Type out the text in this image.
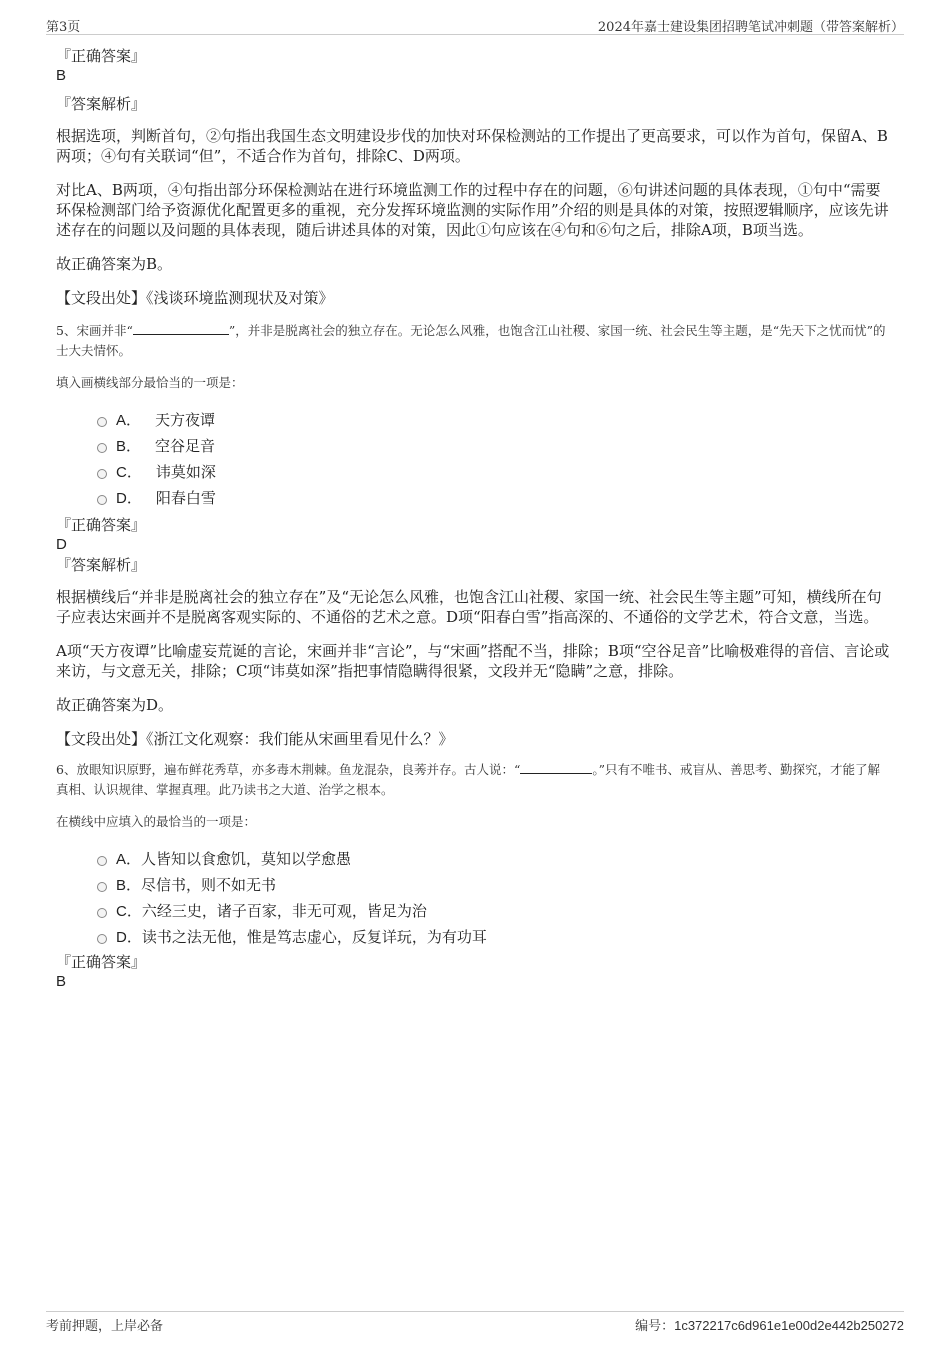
第3页	2024年嘉士建设集团招聘笔试冲刺题（带答案解析）

『正确答案』

B

『答案解析』

根据选项，判断首句，②句指出我国生态文明建设步伐的加快对环保检测站的工作提出了更高要求，可以作为首句，保留A、B两项；④句有关联词“但”，不适合作为首句，排除C、D两项。

对比A、B两项，④句指出部分环保检测站在进行环境监测工作的过程中存在的问题，⑥句讲述问题的具体表现，①句中“需要环保检测部门给予资源优化配置更多的重视，充分发挥环境监测的实际作用”介绍的则是具体的对策，按照逻辑顺序，应该先讲述存在的问题以及问题的具体表现，随后讲述具体的对策，因此①句应该在④句和⑥句之后，排除A项，B项当选。

故正确答案为B。

【文段出处】《浅谈环境监测现状及对策》

5、宋画并非“	”，并非是脱离社会的独立存在。无论怎么风雅，也饱含江山社稷、家国一统、社会民生等主题，是“先天下之忧而忧”的士大夫情怀。

填入画横线部分最恰当的一项是：

A． 天方夜谭
B． 空谷足音
C． 讳莫如深
D． 阳春白雪

『正确答案』

D

『答案解析』

根据横线后“并非是脱离社会的独立存在”及“无论怎么风雅，也饱含江山社稷、家国一统、社会民生等主题”可知，横线所在句子应表达宋画并不是脱离客观实际的、不通俗的艺术之意。D项“阳春白雪”指高深的、不通俗的文学艺术，符合文意，当选。

A项“天方夜谭”比喻虚妄荒诞的言论，宋画并非“言论”，与“宋画”搭配不当，排除；B项“空谷足音”比喻极难得的音信、言论或来访，与文意无关，排除；C项“讳莫如深”指把事情隐瞒得很紧，文段并无“隐瞒”之意，排除。

故正确答案为D。

【文段出处】《浙江文化观察：我们能从宋画里看见什么？》

6、放眼知识原野，遍布鲜花秀草，亦多毒木荆棘。鱼龙混杂，良莠并存。古人说：“	。”只有不唯书、戒盲从、善思考、勤探究，才能了解真相、认识规律、掌握真理。此乃读书之大道、治学之根本。

在横线中应填入的最恰当的一项是：

A．人皆知以食愈饥，莫知以学愈愚
B．尽信书，则不如无书
C．六经三史，诸子百家，非无可观，皆足为治
D．读书之法无他，惟是笃志虚心，反复详玩，为有功耳

『正确答案』

B

考前押题，上岸必备	编号：1c372217c6d961e1e00d2e442b250272
